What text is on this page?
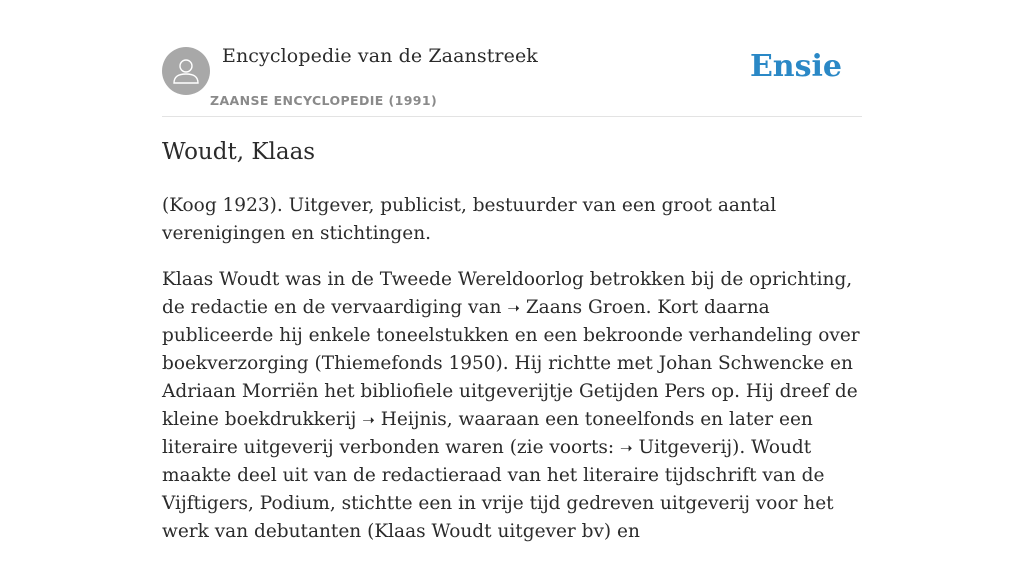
Encyclopedie van de Zaanstreek
ZAANSE ENCYCLOPEDIE (1991)
Ensie
Woudt, Klaas

(Koog 1923). Uitgever, publicist, bestuurder van een groot aantal verenigingen en stichtingen.

Klaas Woudt was in de Tweede Wereldoorlog betrokken bij de oprichting, de redactie en de vervaardiging van ➝ Zaans Groen. Kort daarna publiceerde hij enkele toneelstukken en een bekroonde verhandeling over boekverzorging (Thiemefonds 1950). Hij richtte met Johan Schwencke en Adriaan Morriën het bibliofiele uitgeverijtje Getijden Pers op. Hij dreef de kleine boekdrukkerij ➝ Heijnis, waaraan een toneelfonds en later een literaire uitgeverij verbonden waren (zie voorts: ➝ Uitgeverij). Woudt maakte deel uit van de redactieraad van het literaire tijdschrift van de Vijftigers, Podium, stichtte een in vrije tijd gedreven uitgeverij voor het werk van debutanten (Klaas Woudt uitgever bv) en
